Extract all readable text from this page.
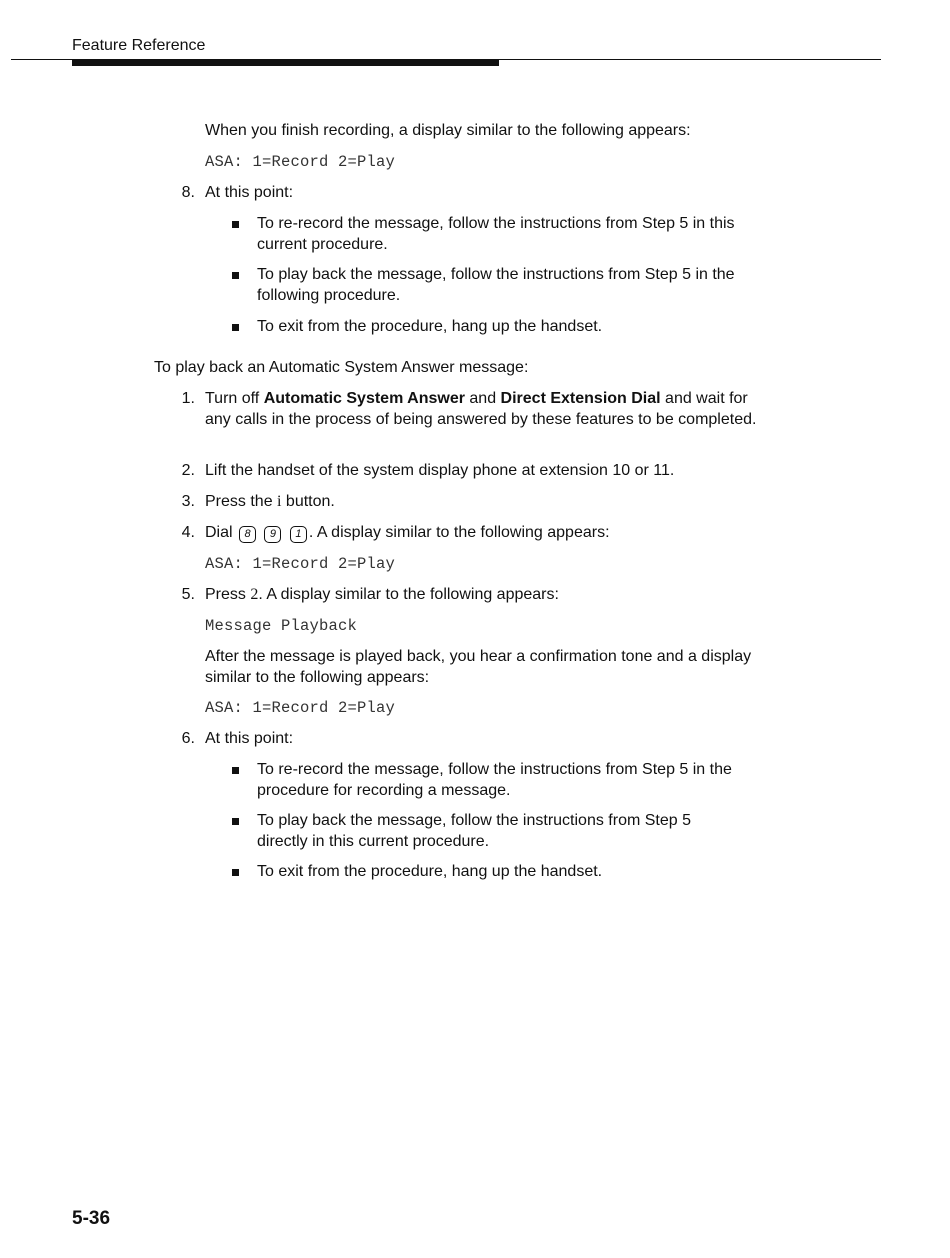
Feature Reference

When you finish recording, a display similar to the following appears:

ASA: 1=Record 2=Play
8. At this point:

To re-record the message, follow the instructions from Step 5 in this current procedure.

To play back the message, follow the instructions from Step 5 in the following procedure.

To exit from the procedure, hang up the handset.

To play back an Automatic System Answer message:

1. Turn off Automatic System Answer and Direct Extension Dial and wait for any calls in the process of being answered by these features to be completed.

2. Lift the handset of the system display phone at extension 10 or 11.

3. Press the i button.

4. Dial 8 9 1 . A display similar to the following appears:

ASA: 1=Record 2=Play
5. Press 2. A display similar to the following appears:

Message Playback

After the message is played back, you hear a confirmation tone and a display similar to the following appears:

ASA: 1=Record 2=Play
6. At this point:

To re-record the message, follow the instructions from Step 5 in the procedure for recording a message.

To play back the message, follow the instructions from Step 5 directly in this current procedure.

To exit from the procedure, hang up the handset.

5-36
